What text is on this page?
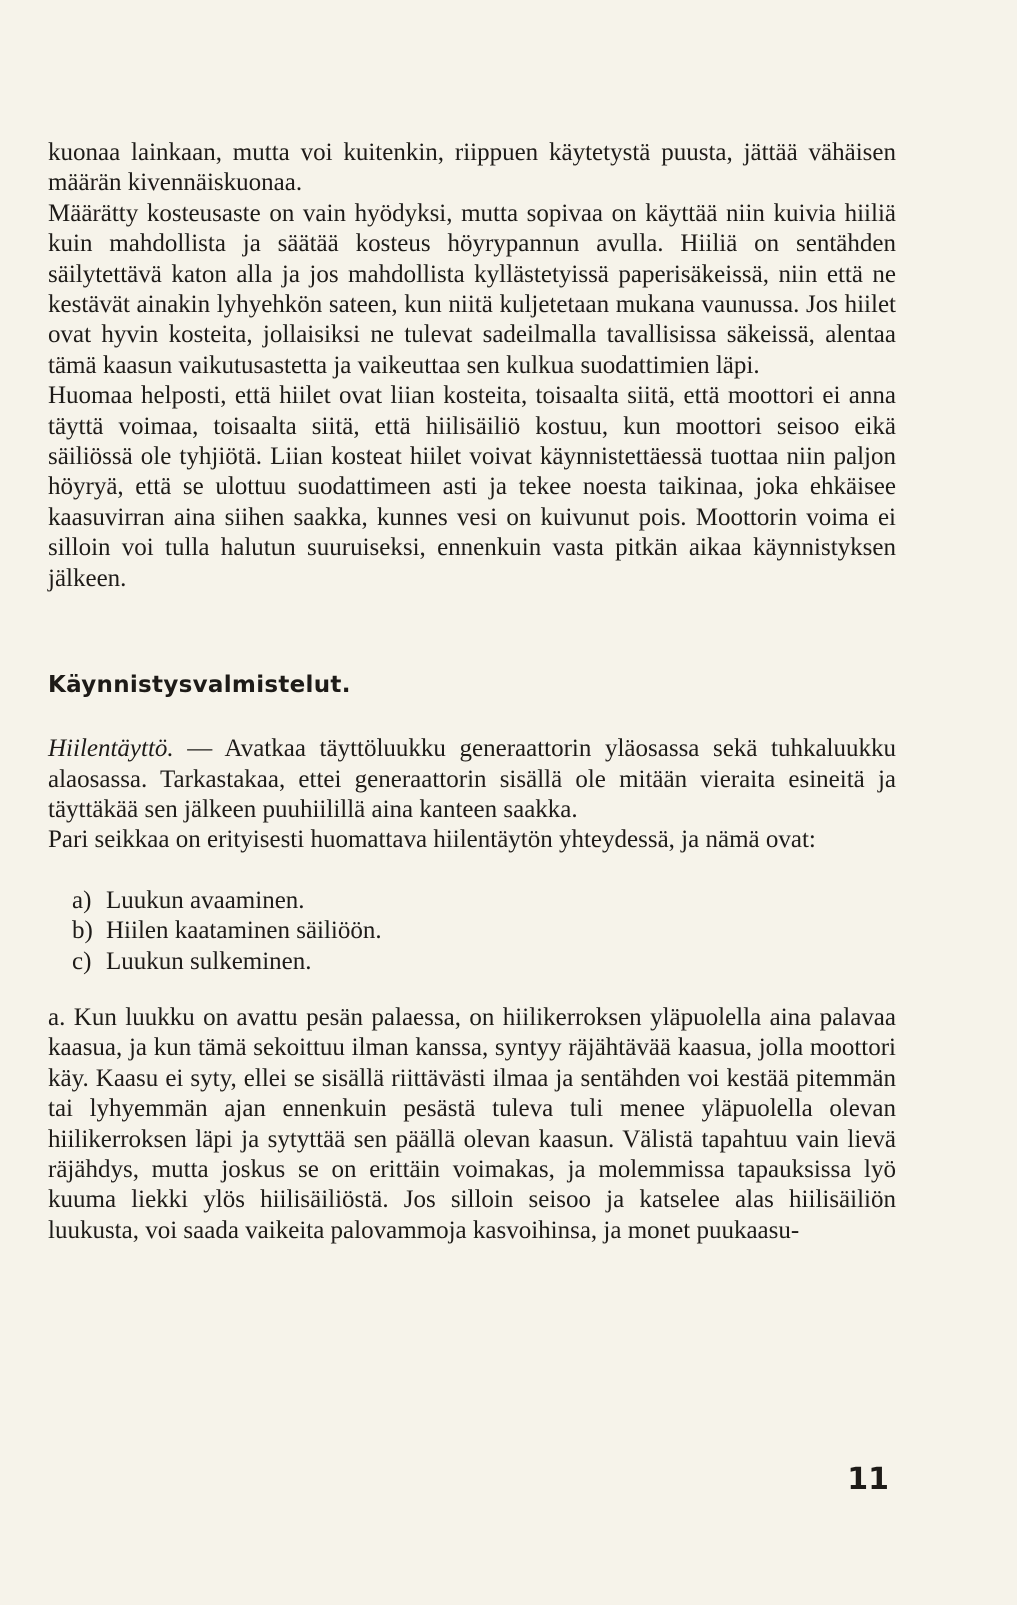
kuonaa lainkaan, mutta voi kuitenkin, riippuen käytetystä puusta, jättää vähäisen määrän kivennäiskuonaa.

Määrätty kosteusaste on vain hyödyksi, mutta sopivaa on käyttää niin kuivia hiiliä kuin mahdollista ja säätää kosteus höyrypannun avulla. Hiiliä on sentähden säilytettävä katon alla ja jos mahdollista kyllästetyissä paperisäkeissä, niin että ne kestävät ainakin lyhyehkön sateen, kun niitä kuljetetaan mukana vaunussa. Jos hiilet ovat hyvin kosteita, jollaisiksi ne tulevat sadeilmalla tavallisissa säkeissä, alentaa tämä kaasun vaikutusastetta ja vaikeuttaa sen kulkua suodattimien läpi.

Huomaa helposti, että hiilet ovat liian kosteita, toisaalta siitä, että moottori ei anna täyttä voimaa, toisaalta siitä, että hiilisäiliö kostuu, kun moottori seisoo eikä säiliössä ole tyhjiötä. Liian kosteat hiilet voivat käynnistettäessä tuottaa niin paljon höyryä, että se ulottuu suodattimeen asti ja tekee noesta taikinaa, joka ehkäisee kaasuvirran aina siihen saakka, kunnes vesi on kuivunut pois. Moottorin voima ei silloin voi tulla halutun suuruiseksi, ennenkuin vasta pitkän aikaa käynnistyksen jälkeen.

Käynnistysvalmistelut.

Hiilentäyttö. — Avatkaa täyttöluukku generaattorin yläosassa sekä tuhkaluukku alaosassa. Tarkastakaa, ettei generaattorin sisällä ole mitään vieraita esineitä ja täyttäkää sen jälkeen puuhiilillä aina kanteen saakka.

Pari seikkaa on erityisesti huomattava hiilentäytön yhteydessä, ja nämä ovat:

a) Luukun avaaminen.
b) Hiilen kaataminen säiliöön.
c) Luukun sulkeminen.

a. Kun luukku on avattu pesän palaessa, on hiilikerroksen yläpuolella aina palavaa kaasua, ja kun tämä sekoittuu ilman kanssa, syntyy räjähtävää kaasua, jolla moottori käy. Kaasu ei syty, ellei se sisällä riittävästi ilmaa ja sentähden voi kestää pitemmän tai lyhyemmän ajan ennenkuin pesästä tuleva tuli menee yläpuolella olevan hiilikerroksen läpi ja sytyttää sen päällä olevan kaasun. Välistä tapahtuu vain lievä räjähdys, mutta joskus se on erittäin voimakas, ja molemmissa tapauksissa lyö kuuma liekki ylös hiilisäiliöstä. Jos silloin seisoo ja katselee alas hiilisäiliön luukusta, voi saada vaikeita palovammoja kasvoihinsa, ja monet puukaasu-

11
